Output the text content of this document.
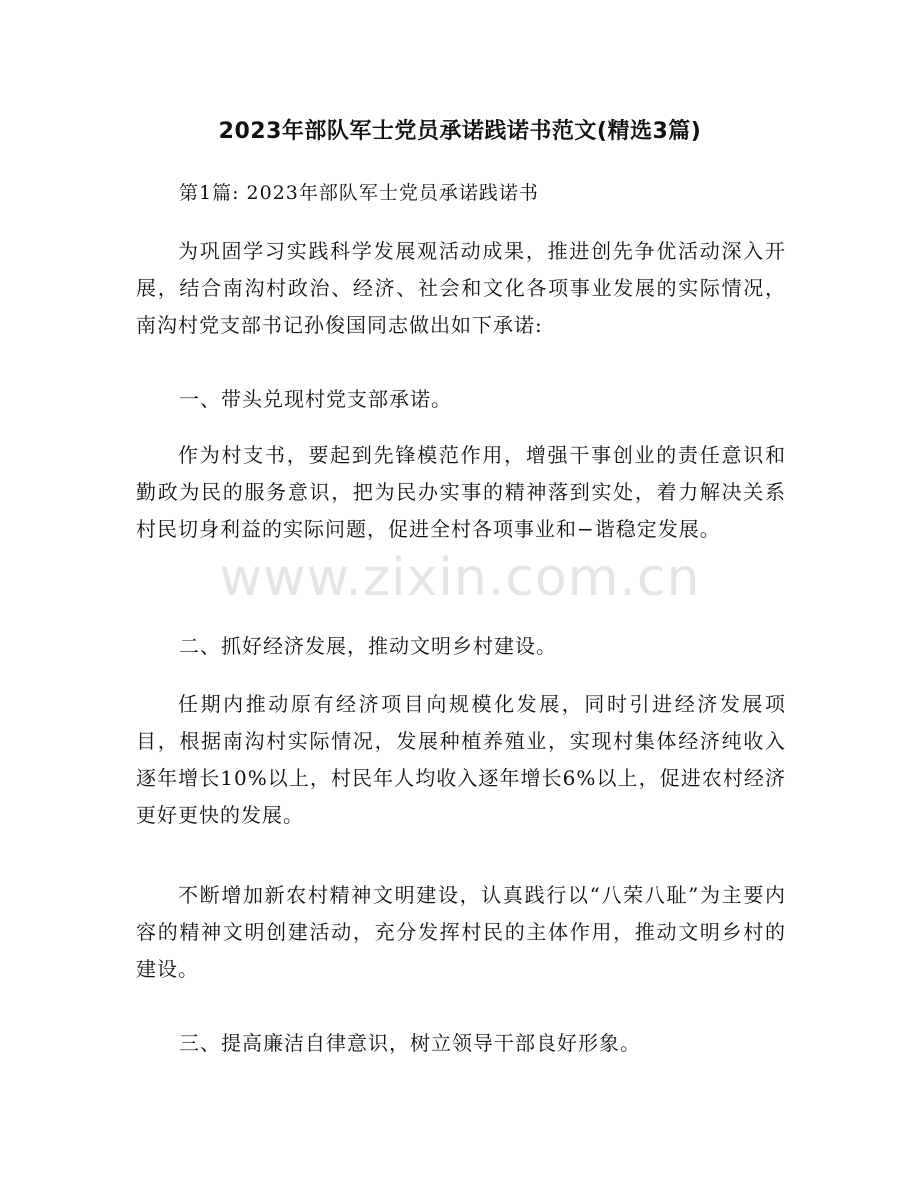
2023年部队军士党员承诺践诺书范文(精选3篇)
第1篇: 2023年部队军士党员承诺践诺书
为巩固学习实践科学发展观活动成果，推进创先争优活动深入开展，结合南沟村政治、经济、社会和文化各项事业发展的实际情况，南沟村党支部书记孙俊国同志做出如下承诺:
一、带头兑现村党支部承诺。
作为村支书，要起到先锋模范作用，增强干事创业的责任意识和勤政为民的服务意识，把为民办实事的精神落到实处，着力解决关系村民切身利益的实际问题，促进全村各项事业和−谐稳定发展。
二、抓好经济发展，推动文明乡村建设。
任期内推动原有经济项目向规模化发展，同时引进经济发展项目，根据南沟村实际情况，发展种植养殖业，实现村集体经济纯收入逐年增长10%以上，村民年人均收入逐年增长6%以上，促进农村经济更好更快的发展。
不断增加新农村精神文明建设，认真践行以“八荣八耻”为主要内容的精神文明创建活动，充分发挥村民的主体作用，推动文明乡村的建设。
三、提高廉洁自律意识，树立领导干部良好形象。
www.zixin.com.cn
